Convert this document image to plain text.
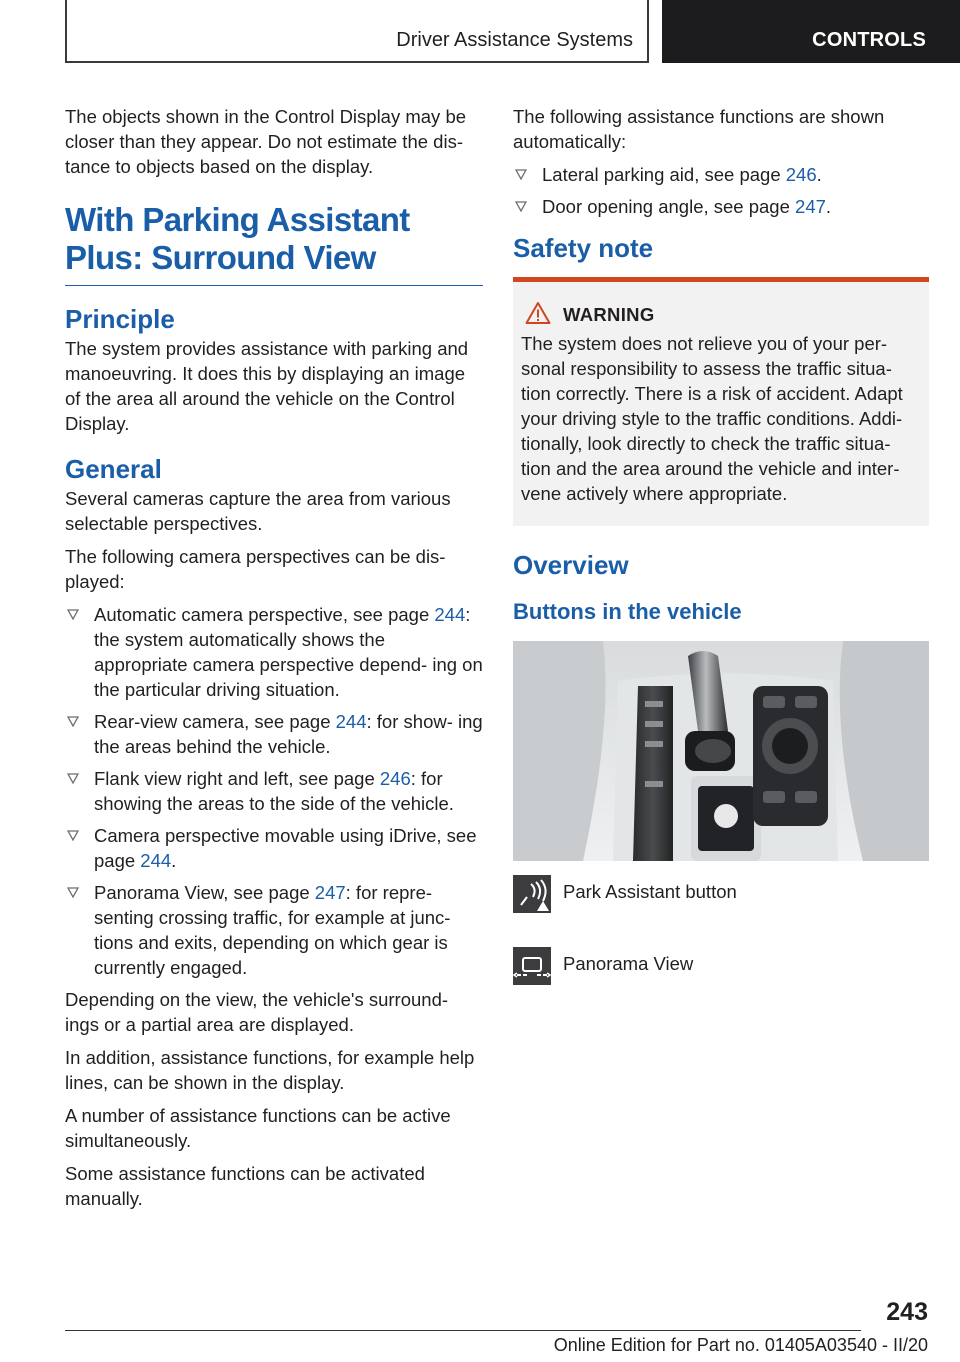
Driver Assistance Systems	CONTROLS

The objects shown in the Control Display may be closer than they appear. Do not estimate the dis- tance to objects based on the display.

With Parking Assistant Plus: Surround View
Principle

The system provides assistance with parking and manoeuvring. It does this by displaying an image of the area all around the vehicle on the Control Display.

General

Several cameras capture the area from various selectable perspectives.

The following camera perspectives can be dis- played:

Automatic camera perspective, see page 244: the system automatically shows the appropriate camera perspective depend- ing on the particular driving situation.
Rear-view camera, see page 244: for show- ing the areas behind the vehicle.
Flank view right and left, see page 246: for showing the areas to the side of the vehicle.
Camera perspective movable using iDrive, see page 244.
Panorama View, see page 247: for repre- senting crossing traffic, for example at junc- tions and exits, depending on which gear is currently engaged.

Depending on the view, the vehicle's surround- ings or a partial area are displayed.

In addition, assistance functions, for example help lines, can be shown in the display.

A number of assistance functions can be active simultaneously.

Some assistance functions can be activated manually.

The following assistance functions are shown automatically:

Lateral parking aid, see page 246.
Door opening angle, see page 247.
Safety note
WARNING
The system does not relieve you of your per- sonal responsibility to assess the traffic situa- tion correctly. There is a risk of accident. Adapt your driving style to the traffic conditions. Addi- tionally, look directly to check the traffic situa- tion and the area around the vehicle and inter- vene actively where appropriate.
Overview
Buttons in the vehicle
Park Assistant button
Panorama View
243
Online Edition for Part no. 01405A03540 - II/20
